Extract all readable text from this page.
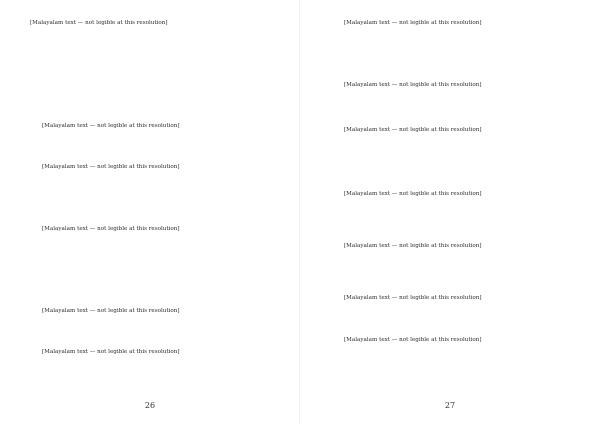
[Malayalam text — not legible at this resolution]

[Malayalam text — not legible at this resolution]

[Malayalam text — not legible at this resolution]

[Malayalam text — not legible at this resolution]

[Malayalam text — not legible at this resolution]

[Malayalam text — not legible at this resolution]

26

[Malayalam text — not legible at this resolution]

[Malayalam text — not legible at this resolution]

[Malayalam text — not legible at this resolution]

[Malayalam text — not legible at this resolution]

[Malayalam text — not legible at this resolution]

[Malayalam text — not legible at this resolution]

[Malayalam text — not legible at this resolution]

27
